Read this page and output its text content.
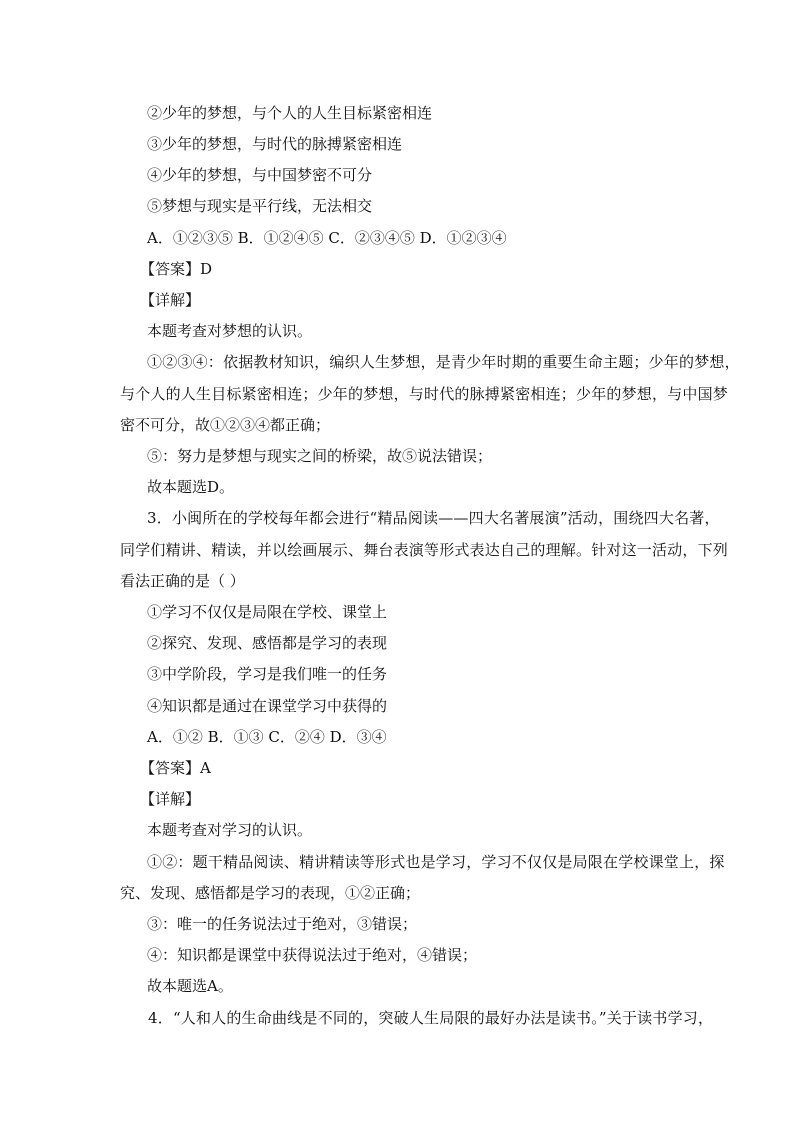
②少年的梦想，与个人的人生目标紧密相连
③少年的梦想，与时代的脉搏紧密相连
④少年的梦想，与中国梦密不可分
⑤梦想与现实是平行线，无法相交
A．①②③⑤ B．①②④⑤ C．②③④⑤ D．①②③④
【答案】D
【详解】
本题考查对梦想的认识。
①②③④：依据教材知识，编织人生梦想，是青少年时期的重要生命主题；少年的梦想，
与个人的人生目标紧密相连；少年的梦想，与时代的脉搏紧密相连；少年的梦想，与中国梦
密不可分，故①②③④都正确；
⑤：努力是梦想与现实之间的桥梁，故⑤说法错误；
故本题选D。
3．小闽所在的学校每年都会进行“精品阅读——四大名著展演”活动，围绕四大名著，
同学们精讲、精读，并以绘画展示、舞台表演等形式表达自己的理解。针对这一活动，下列
看法正确的是（ ）
①学习不仅仅是局限在学校、课堂上
②探究、发现、感悟都是学习的表现
③中学阶段，学习是我们唯一的任务
④知识都是通过在课堂学习中获得的
A．①② B．①③ C．②④ D．③④
【答案】A
【详解】
本题考查对学习的认识。
①②：题干精品阅读、精讲精读等形式也是学习，学习不仅仅是局限在学校课堂上，探
究、发现、感悟都是学习的表现，①②正确；
③：唯一的任务说法过于绝对，③错误；
④：知识都是课堂中获得说法过于绝对，④错误；
故本题选A。
4．“人和人的生命曲线是不同的，突破人生局限的最好办法是读书。”关于读书学习，
